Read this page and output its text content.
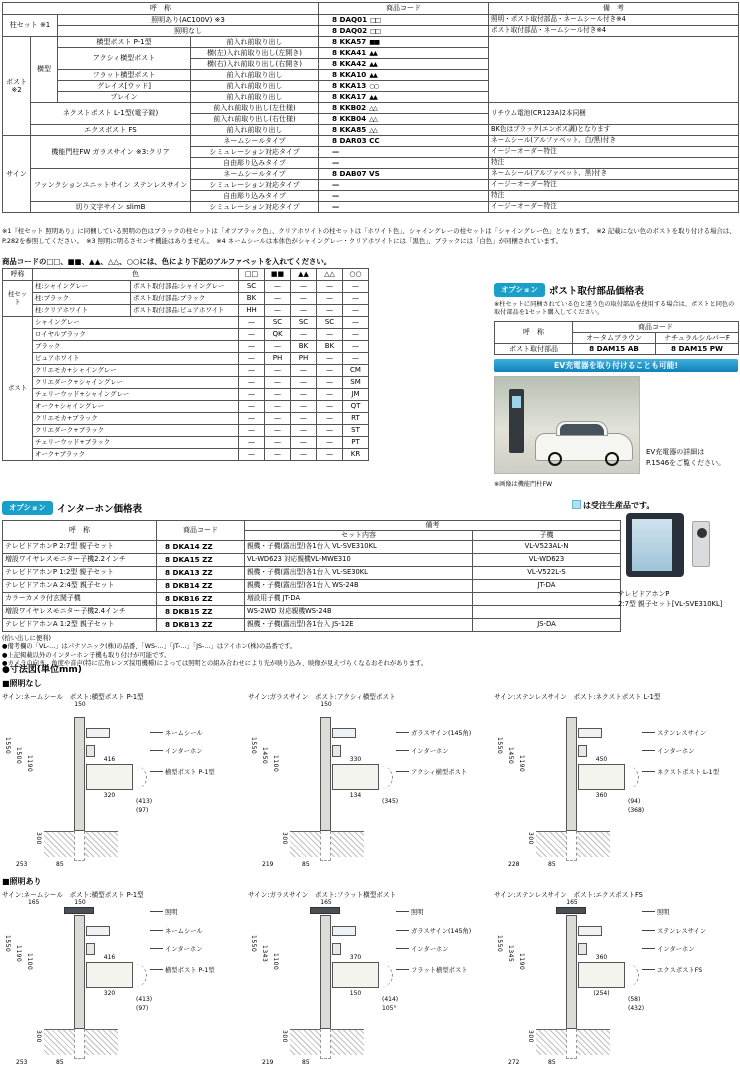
呼　称				商品コード	備　考
柱セット ※1		照明あり(AC100V) ※3		8 DAQ01 □□	照明・ポスト取付部品・ネームシール付き※4
		照明なし		8 DAQ02 □□	ポスト取付部品・ネームシール付き※4
ポスト ※2	横型	横型ポスト P-1型	前入れ前取り出し	8 KKA57 ■■	
		アクシィ横型ポスト	横(左)入れ前取り出し(左開き)	8 KKA41 ▲▲	
			横(右)入れ前取り出し(右開き)	8 KKA42 ▲▲	
		フラット横型ポスト	前入れ前取り出し	8 KKA10 ▲▲	
		グレイス[ウッド]	前入れ前取り出し	8 KKA13 ○○	
		プレイン	前入れ前取り出し	8 KKA17 ▲▲	
	ネクストポスト L-1型(電子錠)		前入れ前取り出し(左仕様)	8 KKB02 △△	リチウム電池(CR123A)2本同梱
			前入れ前取り出し(右仕様)	8 KKB04 △△	
	エクスポスト FS		前入れ前取り出し	8 KKA85 △△	BK色はブラック(エンボス調)となります
サイン	機能門柱FW ガラスサイン ※3:クリア		ネームシールタイプ	8 DAR03 CC	ネームシール(アルファベット、白/黒)付き
			シミュレーション対応タイプ	—	イージーオーダー特注
			自由彫り込みタイプ	—	特注
	ファンクションユニットサイン ステンレスサイン		ネームシールタイプ	8 DAB07 VS	ネームシール(アルファベット、黒)付き
			シミュレーション対応タイプ	—	イージーオーダー特注
			自由彫り込みタイプ	—	特注
	切り文字サイン slimB		シミュレーション対応タイプ	—	イージーオーダー特注
※1『柱セット 照明あり』に同梱している照明の色はブラックの柱セットは「オフブラック色」、クリアホワイトの柱セットは「ホワイト色」、シャイングレーの柱セットは「シャイングレー色」となります。　※2 記載にない色のポストを取り付ける場合は、P.282を参照してください。　※3 照明に明るさセンサ機能はありません。　※4 ネームシールは本体色がシャイングレー・クリアホワイトには「黒色」、ブラックには「白色」が同梱されています。
商品コードの□□、■■、▲▲、△△、○○には、色により下記のアルファベットを入れてください。
呼称	色		□□	■■	▲▲	△△	○○
柱セット	柱:シャイングレー	ポスト取付部品:シャイングレー	SC	—	—	—	—
	柱:ブラック	ポスト取付部品:ブラック	BK	—	—	—	—
	柱:クリアホワイト	ポスト取付部品:ピュアホワイト	HH	—	—	—	—
ポスト	シャイングレー		—	SC	SC	SC	—
	ロイヤルブラック		—	QK	—	—	—
	ブラック		—	—	BK	BK	—
	ピュアホワイト		—	PH	PH	—	—
	クリエモカ+シャイングレー		—	—	—	—	CM
	クリエダーク+シャイングレー		—	—	—	—	SM
	チェリーウッド+シャイングレー		—	—	—	—	JM
	オーク+シャイングレー		—	—	—	—	QT
	クリエモカ+ブラック		—	—	—	—	RT
	クリエダーク+ブラック		—	—	—	—	ST
	チェリーウッド+ブラック		—	—	—	—	PT
	オーク+ブラック		—	—	—	—	KR
オプション ポスト取付部品価格表
※柱セットに同梱されている色と違う色の取付部品を使用する場合は、ポストと同色の取付部品を1セット購入してください。
呼　称	商品コード	
	オータムブラウン	ナチュラルシルバーF
ポスト取付部品	8 DAM15 AB	8 DAM15 PW
EV充電器を取り付けることも可能!
EV充電器の詳細は
P.1546をご覧ください。
※画像は機能門柱FW
オプション インターホン価格表	は受注生産品です。
呼　称	商品コード	備考	
		セット内容	子機
テレビドアホンP 2:7型 親子セット	8 DKA14 ZZ	親機・子機(露出型)各1台入 VL-SVE310KL	VL-V523AL-N
増設ワイヤレスモニター子機2.2インチ	8 DKA15 ZZ	VL-WD623 対応親機VL-MWE310	VL-WD623
テレビドアホンP 1:2型 親子セット	8 DKA13 ZZ	親機・子機(露出型)各1台入 VL-SE30KL	VL-V522L-S
テレビドアホンA 2:4型 親子セット	8 DKB14 ZZ	親機・子機(露出型)各1台入 WS-24B	JT-DA
カラーカメラ付玄関子機	8 DKB16 ZZ	増設用子機 JT-DA	
増設ワイヤレスモニター子機2.4インチ	8 DKB15 ZZ	WS-2WD 対応親機WS-24B	
テレビドアホンA 1:2型 親子セット	8 DKB13 ZZ	親機・子機(露出型)各1台入 JS-12E	JS-DA
テレビドアホンP
2:7型 親子セット[VL-SVE310KL]
(拾い出しに便利)
●備考欄の「VL-…」はパナソニック(株)の品番、「WS-…」「JT-…」「JS-…」はアイホン(株)の品番です。
●上記掲載以外のインターホン子機も取り付けが可能です。
●カメラの向き、角度や音声(特に広角レンズ採用機種)によっては照明との組み合わせにより光が映り込み、映像が見えづらくなるおそれがあります。
●寸法図(単位mm)
■照明なし
サイン:ネームシール　ポスト:横型ポスト P-1型
150
ネームシール
インターホン
横型ポスト P-1型
1550
1500 1190
300
253	85
416
320
(413)
(97)
サイン:ガラスサイン　ポスト:アクシィ横型ポスト
150
ガラスサイン(145角)
インターホン
アクシィ横型ポスト
1550
1450 1100
300
219	85
330
134
(345)
サイン:ステンレスサイン　ポスト:ネクストポスト L-1型
ステンレスサイン
インターホン
ネクストポスト L-1型
1550
1450 1190
300
228	85
450
360
(94)
(368)
■照明あり
サイン:ネームシール　ポスト:横型ポスト P-1型
150
165
照明
ネームシール
インターホン
横型ポスト P-1型
1550
1190 1100
300
253	85
416
320
(413)
(97)
サイン:ガラスサイン　ポスト:フラット横型ポスト
165
照明
ガラスサイン(145角)
インターホン
フラット横型ポスト
1550
1343 1100
300
219	85
370
150
(414)
105°
サイン:ステンレスサイン　ポスト:エクスポストFS
165
照明
ステンレスサイン
インターホン
エクスポストFS
1550
1345 1190
300
272	85
360
(254)
(58)
(432)
